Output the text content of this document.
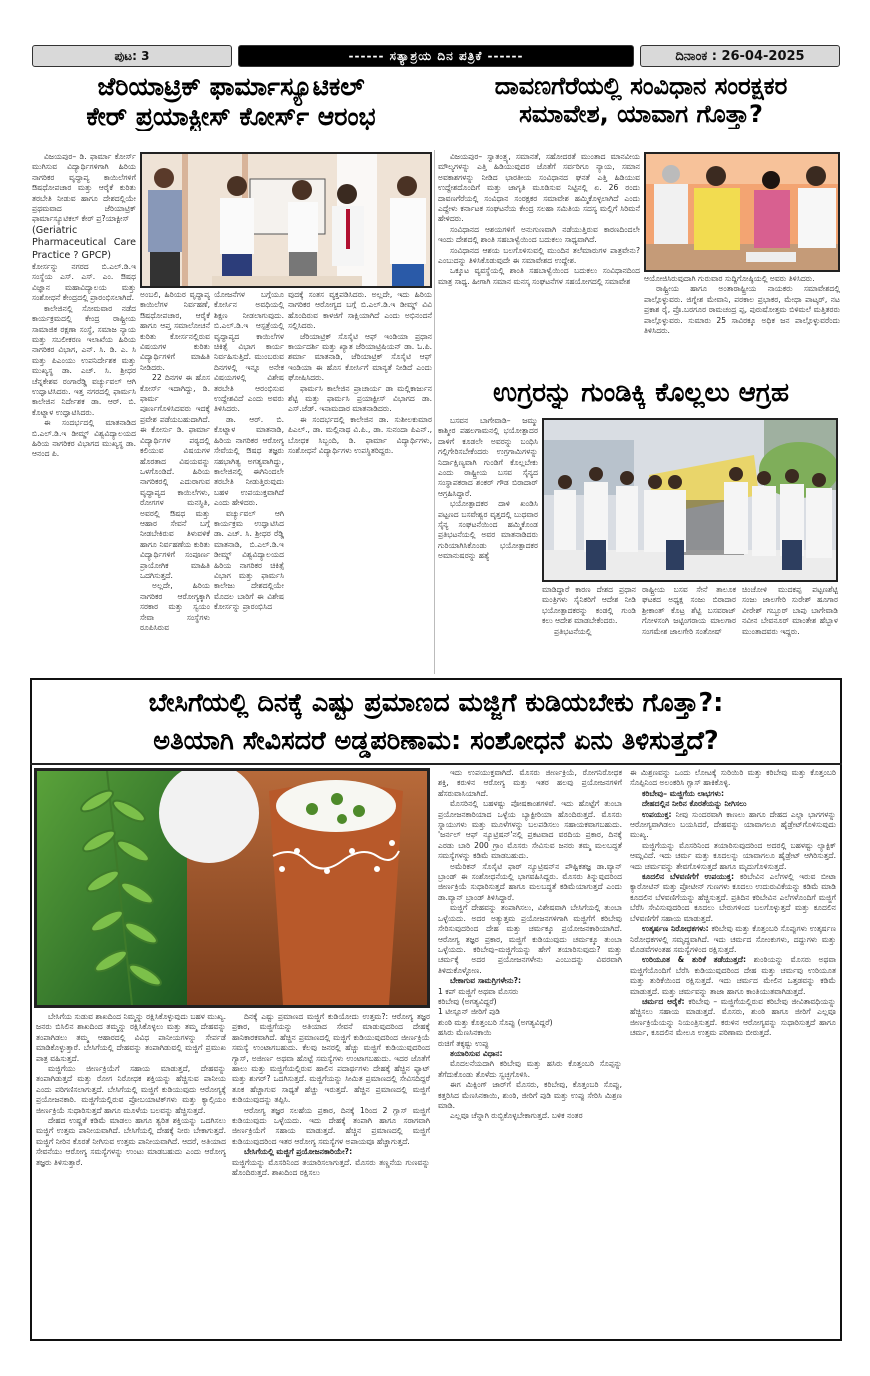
ಪುಟ: 3	------ ಸತ್ಯಾಶ್ರಯ ದಿನ ಪತ್ರಿಕೆ ------	ದಿನಾಂಕ : 26-04-2025
ಜೆರಿಯಾಟ್ರಿಕ್ ಫಾರ್ಮಾಸ್ಯೂಟಿಕಲ್
ಕೇರ್ ಪ್ರಯಾಕ್ಟೀಸ್ ಕೋರ್ಸ್ ಆರಂಭ
ದಾವಣಗೆರೆಯಲ್ಲಿ ಸಂವಿಧಾನ ಸಂರಕ್ಷಕರ
ಸಮಾವೇಶ, ಯಾವಾಗ ಗೊತ್ತಾ?

ವಿಜಯಪುರ– ಡಿ. ಫಾರ್ಮಾ ಕೋರ್ಸ್ ಮುಗಿಸುವ ವಿದ್ಯಾರ್ಥಿಗಳಿಗಾಗಿ ಹಿರಿಯ ನಾಗರಿಕರ ವೃದ್ಧಾಪ್ಯ ಕಾಯಿಲೆಗಳಿಗೆ ಔಷಧೋಪಚಾರ ಮತ್ತು ಆರೈಕೆ ಕುರಿತು ತರಬೇತಿ ನೀಡುವ ಹಾಗೂ ದೇಶದಲ್ಲಿಯೇ ಪ್ರಥಮವಾದ ಜೆರಿಯಾಟ್ರಿಕ್ ಫಾರ್ಮಾಸ್ಯೂಟಿಕಲ್ ಕೇರ್ ಪ್ರ?ಯಾಕ್ಟೀಸ್

(Geriatric Pharmaceutical Care Practice ? GPCP)

ಕೋರ್ಸನ್ನು ನಗರದ ಬಿ.ಎಲ್.ಡಿ.ಇ ಸಂಸ್ಥೆಯ ಎಸ್. ಎಸ್. ಎಂ. ಔಷಧ ವಿಜ್ಞಾನ ಮಹಾವಿದ್ಯಾಲಯ ಮತ್ತು ಸಂಶೋಧನೆ ಕೇಂದ್ರದಲ್ಲಿ ಪ್ರಾರಂಭಿಸಲಾಗಿದೆ.

ಕಾಲೇಜಿನಲ್ಲಿ ಸೋಮವಾರ ನಡೆದ ಕಾರ್ಯಕ್ರಮದಲ್ಲಿ ಕೇಂದ್ರ ರಾಷ್ಟ್ರೀಯ ಸಾಮಾಜಿಕ ರಕ್ಷಣಾ ಸಂಸ್ಥೆ, ಸಮಾಜ ನ್ಯಾಯ ಮತ್ತು ಸಬಲೀಕರಣ ಇಲಾಖೆಯ ಹಿರಿಯ ನಾಗರಿಕರ ವಿಭಾಗ, ಎನ್. ಸಿ. ಡಿ. ಎ. ಸಿ ಮತ್ತು ಪಿಎಂಯು ಉಪನಿರ್ದೇಶಕ ಮತ್ತು ಮುಖ್ಯಸ್ಥ ಡಾ. ಎಚ್. ಸಿ. ಶ್ರೀಧರ ಚೆನ್ನಕೇಶವ ರಂಗಾರೆಡ್ಡಿ ವರ್ಚ್ಯುವಲ್ ಆಗಿ ಉದ್ಘಾಟಿಸಿದರು. ಇತ್ತ ನಗರದಲ್ಲಿ ಫಾರ್ಮಸಿ ಕಾಲೇಜಿನ ನಿರ್ದೇಶಕ ಡಾ. ಆರ್. ಬಿ. ಕೊಟ್ನಾಳ ಉದ್ಘಾಟಿಸಿದರು.

ಈ ಸಂದರ್ಭದಲ್ಲಿ ಮಾತನಾಡಿದ ಬಿ.ಎಲ್.ಡಿ.ಇ ಡೀಮ್ಡ್ ವಿಶ್ವವಿದ್ಯಾಲಯದ ಹಿರಿಯ ನಾಗರಿಕರ ವಿಭಾಗದ ಮುಖ್ಯಸ್ಥ ಡಾ. ಆನಂದ ಪಿ.

ಅಂಬಲಿ, ಹಿರಿಯರ ವೃದ್ಧಾಪ್ಯ ಕಾಯಿಲೆಗಳ ನಿರ್ವಹಣೆ, ಔಷಧೋಪಚಾರ, ಆರೈಕೆ ಹಾಗೂ ಆಪ್ತ ಸಮಾಲೋಚನೆ ಕುರಿತು ಕೋರ್ಸನಲ್ಲಿರುವ ವಿಷಯಗಳ ಕುರಿತು ವಿದ್ಯಾರ್ಥಿಗಳಿಗೆ ಮಾಹಿತಿ ನೀಡಿದರು.

22 ದಿನಗಳ ಈ ಹೊಸ ಕೋರ್ಸ್ ಇದಾಗಿದ್ದು, ಡಿ. ಫಾರ್ಮ ಪೂರ್ಣಗೊಳಿಸಿದವರು ಇದಕ್ಕೆ ಪ್ರವೇಶ ಪಡೆಯಬಹುದಾಗಿದೆ. ಈ ಕೋರ್ಸು ಡಿ. ಫಾರ್ಮಾ ವಿದ್ಯಾರ್ಥಿಗಳ ಪಠ್ಯದಲ್ಲಿ ಕಲಿಯುವ ವಿಷಯಗಳ ಹೊರತಾದ ವಿಷಯವನ್ನು ಒಳಗೊಂಡಿದೆ. ಹಿರಿಯ ನಾಗರಿಕರಲ್ಲಿ ಎದುರಾಗುವ ವೃದ್ಧಾಪ್ಯದ ಕಾಯಿಲೆಗಳು, ರೋಗಗಳ ಮನಸ್ಥಿತಿ, ಅವರಲ್ಲಿ ಔಷಧ ಮತ್ತು ಆಹಾರ ಸೇವನೆ ಬಗ್ಗೆ ನೀಡಬೇಕಿರುವ ತಿಳುವಳಿಕೆ ಹಾಗೂ ನಿರ್ವಹಣೆಯ ಕುರಿತು ವಿದ್ಯಾರ್ಥಿಗಳಿಗೆ ಸಂಪೂರ್ಣ ಪ್ರಾಯೋಗಿಕ ಮಾಹಿತಿ ಒದಗಿಸುತ್ತದೆ.

ಅಲ್ಲದೇ, ಹಿರಿಯ ನಾಗರಿಕರ ಆರೋಗ್ಯಕ್ಕಾಗಿ ಸರಕಾರ ಮತ್ತು ಸ್ವಯಂ ಸೇವಾ ಸಂಸ್ಥೆಗಳು ರೂಪಿಸಿರುವ

ಯೋಜನೆಗಳ ಬಗ್ಗೆಯೂ ಕೋರ್ಸಿನ ಅವಧಿಯಲ್ಲಿ ಶಿಕ್ಷಣ ನೀಡಲಾಗುವುದು. ಬಿ.ಎಲ್.ಡಿ.ಇ ಆಸ್ಪತ್ರೆಯಲ್ಲಿ ವೃದ್ಧಾಪ್ಯದ ಕಾಯಿಲೆಗಳ ಚಿಕಿತ್ಸೆ ವಿಭಾಗ ಕಾರ್ಯ ನಿರ್ವಹಿಸುತ್ತಿದೆ. ಮುಂಬರುವ ದಿನಗಳಲ್ಲಿ ಇನ್ನೂ ಅನೇಕ ವಿಷಯಗಳಲ್ಲಿ ವಿಶೇಷ ತರಬೇತಿ ಆರಂಭಿಸುವ ಉದ್ದೇಶವಿದೆ ಎಂದು ಅವರು ತಿಳಿಸಿದರು.

ಡಾ. ಆರ್. ಬಿ. ಕೊಟ್ನಾಳ ಮಾತನಾಡಿ, ಹಿರಿಯ ನಾಗರಿಕರ ಆರೋಗ್ಯ ಸೇವೆಯಲ್ಲಿ ಔಷಧ ತಜ್ಞರು ಸಹಭಾಗಿತ್ವ ಅಗತ್ಯವಾಗಿದ್ದು, ಕಾಲೇಜಿನಲ್ಲಿ ಈಗಿನಿಂದಲೇ ತರಬೇತಿ ನೀಡುತ್ತಿರುವುದು ಬಹಳ ಉಪಯುಕ್ತವಾಗಿದೆ ಎಂದು ಹೇಳಿದರು.

ವರ್ಚ್ಯುವಲ್ ಆಗಿ ಕಾರ್ಯಕ್ರಮ ಉದ್ಘಾಟಿಸಿದ ಡಾ. ಎಚ್. ಸಿ. ಶ್ರೀಧರ ರೆಡ್ಡಿ ಮಾತನಾಡಿ, ಬಿ.ಎಲ್.ಡಿ.ಇ ಡೀಮ್ಡ್ ವಿಶ್ವವಿದ್ಯಾಲಯದ ಹಿರಿಯ ನಾಗರಿಕರ ಚಿಕಿತ್ಸೆ ವಿಭಾಗ ಮತ್ತು ಫಾರ್ಮಸಿ ಕಾಲೇಜು ದೇಶದಲ್ಲಿಯೇ ಮೊದಲ ಬಾರಿಗೆ ಈ ವಿಶೇಷ ಕೋರ್ಸನ್ನು ಪ್ರಾರಂಭಿಸಿದ

ವುದಕ್ಕೆ ಸಂತಸ ವ್ಯಕ್ತಪಡಿಸಿದರು. ಅಲ್ಲದೇ, ಇದು ಹಿರಿಯ ನಾಗರಿಕರ ಆರೋಗ್ಯದ ಬಗ್ಗೆ ಬಿ.ಎಲ್.ಡಿ.ಇ ಡೀಮ್ಡ್ ವಿವಿ ಹೊಂದಿರುವ ಕಾಳಜಿಗೆ ಸಾಕ್ಷಿಯಾಗಿದೆ ಎಂದು ಅಭಿನಂದನೆ ಸಲ್ಲಿಸಿದರು.

ಜೆರಿಯಾಟ್ರಿಕ್ ಸೊಸೈಟಿ ಆಫ್ ಇಂಡಿಯಾ ಪ್ರಧಾನ ಕಾರ್ಯದರ್ಶಿ ಮತ್ತು ಖ್ಯಾತ ಜೆರಿಯಾಟ್ರಿಷಿಯನ್ ಡಾ. ಓ.ಪಿ. ಶರ್ಮಾ ಮಾತನಾಡಿ, ಜೆರಿಯಾಟ್ರಿಕ್ ಸೊಸೈಟಿ ಆಫ್ ಇಂಡಿಯಾ ಈ ಹೊಸ ಕೋರ್ಸಿಗೆ ಮಾನ್ಯತೆ ನೀಡಿದೆ ಎಂದು ಘೋಷಿಸಿದರು.

ಫಾರ್ಮಸಿ ಕಾಲೇಜಿನ ಪ್ರಾಚಾರ್ಯ ಡಾ ಮಲ್ಲಿಕಾರ್ಜುನ ಶೆಟ್ಟಿ ಮತ್ತು ಫಾರ್ಮಸಿ ಪ್ರಯಾಕ್ಟೀಸ್ ವಿಭಾಗದ ಡಾ. ಎಸ್.ಜೆಡ್. ಇನಾಮದಾರ ಮಾತನಾಡಿದರು.

ಈ ಸಂದರ್ಭದಲ್ಲಿ ಕಾಲೇಜಿನ ಡಾ. ಸುಶೀಲಕುಮಾರ ಪಿಎಲ್., ಡಾ. ಮಲ್ಲಿನಾಥ ವಿ.ಪಿ., ಡಾ. ಸುನಂದಾ ಪಿಎನ್., ಬೋಧಕ ಸಿಬ್ಬಂದಿ, ಡಿ. ಫಾರ್ಮಾ ವಿದ್ಯಾರ್ಥಿಗಳು, ಸಂಶೋಧನೆ ವಿದ್ಯಾರ್ಥಿಗಳು ಉಪಸ್ಥಿತರಿದ್ದರು.

ವಿಜಯಪುರ– ಸ್ವಾತಂತ್ರ್ಯ, ಸಮಾನತೆ, ಸಹೋದರತೆ ಮುಂತಾದ ಮಾನವೀಯ ಮೌಲ್ಯಗಳನ್ನು ಎತ್ತಿ ಹಿಡಿಯುವುದರ ಜೊತೆಗೆ ಸರ್ವರಿಗೂ ನ್ಯಾಯ, ಸಮಾನ ಅವಕಾಶಗಳನ್ನು ನೀಡಿದ ಭಾರತೀಯ ಸಂವಿಧಾನದ ಘನತೆ ಎತ್ತಿ ಹಿಡಿಯುವ ಉದ್ದೇಶದೊಂದಿಗೆ ಮತ್ತು ಜಾಗೃತಿ ಮೂಡಿಸುವ ನಿಟ್ಟಿನಲ್ಲಿ ಏ. 26 ರಂದು ದಾವಣಗೆರೆಯಲ್ಲಿ ಸಂವಿಧಾನ ಸಂರಕ್ಷಕರ ಸಮಾವೇಶ ಹಮ್ಮಿಕೊಳ್ಳಲಾಗಿದೆ ಎಂದು ಎದ್ದೇಳು ಕರ್ನಾಟಕ ಸಂಘಟನೆಯ ಕೇಂದ್ರ ಸಲಹಾ ಸಮಿತಿಯ ಸದಸ್ಯ ಮಲ್ಲಿಗೆ ಸಿರಿಮನೆ ಹೇಳಿದರು.

ಸಂವಿಧಾನದ ಆಶಯಗಳಿಗೆ ಅನುಗುಣವಾಗಿ ನಡೆಯುತ್ತಿರುವ ಕಾರಣದಿಂದಲೇ ಇಂದು ದೇಶದಲ್ಲಿ ಶಾಂತಿ ಸಹಬಾಳ್ವೆಯಿಂದ ಬದುಕಲು ಸಾಧ್ಯವಾಗಿದೆ.

ಸಂವಿಧಾನದ ಆಶಯ ಬಲಗೊಳಿಸುವಲ್ಲಿ ಮುಂದಿನ ತಲೆಮಾರುಗಳ ಪಾತ್ರವೇನು? ಎಂಬುದನ್ನು ತಿಳಿಸಿಕೊಡುವುದೇ ಈ ಸಮಾವೇಶದ ಉದ್ದೇಶ.

ಒಕ್ಕೂಟ ವ್ಯವಸ್ಥೆಯಲ್ಲಿ ಶಾಂತಿ ಸಹಬಾಳ್ವೆಯಿಂದ ಬದುಕಲು ಸಂವಿಧಾನದಿಂದ ಮಾತ್ರ ಸಾಧ್ಯ. ಹೀಗಾಗಿ ಸಮಾನ ಮನಸ್ಕ ಸಂಘಟನೆಗಳ ಸಹಯೋಗದಲ್ಲಿ ಸಮಾವೇಶ	ಆಯೋಜಿಸಿರುವುದಾಗಿ ಗುರುವಾರ ಸುದ್ದಿಗೋಷ್ಠಿಯಲ್ಲಿ ಅವರು ತಿಳಿಸಿದರು.

ರಾಷ್ಟ್ರೀಯ ಹಾಗೂ ಅಂತಾರಾಷ್ಟ್ರೀಯ ನಾಯಕರು ಸಮಾವೇಶದಲ್ಲಿ ಪಾಲ್ಗೊಳ್ಳುವರು. ಜಿಗ್ನೇಶ ಮೇವಾನಿ, ಪರಕಾಲ ಪ್ರಭಾಕರ, ಮೇಧಾ ಪಾಟ್ಕರ್, ನಟ ಪ್ರಕಾಶ ರೈ, ಪ್ರೊ.ಬರಗೂರ ರಾಮಚಂದ್ರ ಪ್ಪ, ಪುರುಷೋತ್ತಮ ಬಿಳಿಮಲೆ ಮತ್ತಿತರರು ಪಾಲ್ಗೊಳ್ಳುವರು. ಸುಮಾರು 25 ಸಾವಿರಕ್ಕೂ ಅಧಿಕ ಜನ ಪಾಲ್ಗೊಳ್ಳುವರೆಂದು ತಿಳಿಸಿದರು.

ಉಗ್ರರನ್ನು ಗುಂಡಿಕ್ಕಿ ಕೊಲ್ಲಲು ಆಗ್ರಹ

ಬಸವನ ಬಾಗೇವಾಡಿ– ಜಮ್ಮು ಕಾಶ್ಮೀರ ಪಹಲಗಾಮನಲ್ಲಿ ಭಯೋತ್ಪಾದರ ದಾಳಿಗೆ ಕೂಡಲೇ ಅವರನ್ನು ಬಂಧಿಸಿ ಗಲ್ಲಿಗೇರಿಸಬೇಕೆಂದರು ಉಗ್ರಗಾಮಿಗಳನ್ನು ನಿರ್ದಾಕ್ಷಿಣ್ಯವಾಗಿ ಗುಂಡಿಗೆ ಕೊಲ್ಲಬೇಕು ಎಂದು ರಾಷ್ಟ್ರೀಯ ಬಸವ ಸೈನ್ಯದ ಸಂಸ್ಥಾಪಕರಾದ ಶಂಕರ್ ಗೌಡ ಬಿರಾದಾರ್ ಆಗ್ರಹಿಸಿದ್ದಾರೆ.

ಭಯೋತ್ಪಾದಕರ ದಾಳಿ ಖಂಡಿಸಿ ಪಟ್ಟಣದ ಬಸವೇಶ್ವರ ವೃತ್ತದಲ್ಲಿ ಬುಧವಾರ ಸೈನ್ಯ ಸಂಘಟನೆಯಿಂದ ಹಮ್ಮಿಕೊಂಡ ಪ್ರತಿಭಟನೆಯಲ್ಲಿ ಅವರ ಮಾತನಾಡಿದರು ಗುರಿಯಾಗಿಸಿಕೊಂಡು ಭಯೋತ್ಪಾದಕರ ಅಮಾನುಷರನ್ನು ಹತ್ಯೆ

ಮಾಡಿದ್ದಾರೆ ಕಾರಣ ದೇಶದ ಪ್ರಧಾನ ಮಂತ್ರಿಗಳು ಸೈನಿಕರಿಗೆ ಆದೇಶ ನೀಡಿ ಭಯೋತ್ಪಾದಕರನ್ನು ಕಂಡಲ್ಲಿ ಗುಂಡಿ ಕಲು ಆದೇಶ ಮಾಡಬೇಕೆಂದರು.

ಪ್ರತಿಭಟನೆಯಲ್ಲಿ

ರಾಷ್ಟ್ರೀಯ ಬಸವ ಸೇನೆ ತಾಲೂಕ ಘಟಕದ ಅಧ್ಯಕ್ಷ ಸಂಜು ಬಿರಾದಾರ ಶ್ರೀಕಾಂತ್ ಕೊಟ್ರ ಶೆಟ್ಟಿ ಬಸವರಾಜ್ ಗೋಳಸಂಗಿ ಜಟ್ಟಿಂಗರಾಯ ಮಾಲಗಾರ ಸಂಗಮೇಶ ಜಾಲಗೇರಿ ಸಂತೋಷ್

ಚಿಂಚೋಳಿ ಮುದಕಪ್ಪ ಪಟ್ಟಣಶೆಟ್ಟಿ ಸಂಜು ಜಾಲಗೇರಿ ಸುರೇಶ್ ಹೂಗಾರ ವೀರೇಶ್ ಗಬ್ಬೂರ್ ಬಾಪು ಬಾಗೇವಾಡಿ ನವೀನ ಬೇವನೂರ್ ಮಾಂತೇಶ ಹೆಬ್ಬಾಳ ಮುಂತಾದವರು ಇದ್ದರು.

ಬೇಸಿಗೆಯಲ್ಲಿ ದಿನಕ್ಕೆ ಎಷ್ಟು ಪ್ರಮಾಣದ ಮಜ್ಜಿಗೆ ಕುಡಿಯಬೇಕು ಗೊತ್ತಾ?:
ಅತಿಯಾಗಿ ಸೇವಿಸದರೆ ಅಡ್ಡಪರಿಣಾಮ: ಸಂಶೋಧನೆ ಏನು ತಿಳಿಸುತ್ತದೆ?

ಬೇಸಿಗೆಯ ಸುಡುವ ಶಾಖದಿಂದ ನಿಮ್ಮನ್ನು ರಕ್ಷಿಸಿಕೊಳ್ಳುವುದು ಬಹಳ ಮುಖ್ಯ. ಜನರು ಬಿಸಿಲಿನ ಶಾಖದಿಂದ ತಮ್ಮನ್ನು ರಕ್ಷಿಸಿಕೊಳ್ಳಲು ಮತ್ತು ತಮ್ಮ ದೇಹವನ್ನು ತಂಪಾಗಿಡಲು ತಮ್ಮ ಆಹಾರದಲ್ಲಿ ವಿವಿಧ ಪಾನೀಯಗಳನ್ನು ಸೇರ್ಪಡೆ ಮಾಡಿಕೊಳ್ಳುತ್ತಾರೆ. ಬೇಸಿಗೆಯಲ್ಲಿ ದೇಹವನ್ನು ತಂಪಾಗಿಡುವಲ್ಲಿ ಮಜ್ಜಿಗೆ ಪ್ರಮುಖ ಪಾತ್ರ ವಹಿಸುತ್ತದೆ.

ಮಜ್ಜಿಗೆಯು ಜೀರ್ಣಕ್ರಿಯೆಗೆ ಸಹಾಯ ಮಾಡುತ್ತದೆ, ದೇಹವನ್ನು ತಂಪಾಗಿಡುತ್ತದೆ ಮತ್ತು ರೋಗ ನಿರೋಧಕ ಶಕ್ತಿಯನ್ನು ಹೆಚ್ಚಿಸುವ ಪಾನೀಯ ಎಂದು ಪರಿಗಣಿಸಲಾಗುತ್ತದೆ. ಬೇಸಿಗೆಯಲ್ಲಿ ಮಜ್ಜಿಗೆ ಕುಡಿಯುವುದು ಆರೋಗ್ಯಕ್ಕೆ ಪ್ರಯೋಜನಕಾರಿ. ಮಜ್ಜಿಗೆಯಲ್ಲಿರುವ ಪ್ರೋಬಯಾಟಿಕ್‌ಗಳು ಮತ್ತು ಕ್ಯಾಲ್ಸಿಯಂ ಜೀರ್ಣಕ್ರಿಯೆ ಸುಧಾರಿಸುತ್ತದೆ ಹಾಗೂ ಮೂಳೆಯ ಬಲವನ್ನು ಹೆಚ್ಚಿಸುತ್ತದೆ.

ದೇಹದ ಉಷ್ಣತೆ ಕಡಿಮೆ ಮಾಡಲು ಹಾಗೂ ತ್ವರಿತ ಶಕ್ತಿಯನ್ನು ಒದಗಿಸಲು ಮಜ್ಜಿಗೆ ಉತ್ತಮ ಪಾನೀಯವಾಗಿದೆ. ಬೇಸಿಗೆಯಲ್ಲಿ ದೇಹಕ್ಕೆ ನೀರು ಬೇಕಾಗುತ್ತದೆ. ಮಜ್ಜಿಗೆ ನೀರಿನ ಕೊರತೆ ನೀಗಿಸುವ ಉತ್ತಮ ಪಾನೀಯವಾಗಿದೆ. ಆದರೆ, ಅತಿಯಾದ ಸೇವನೆಯು ಆರೋಗ್ಯ ಸಮಸ್ಯೆಗಳನ್ನು ಉಂಟು ಮಾಡಬಹುದು ಎಂದು ಆರೋಗ್ಯ ತಜ್ಞರು ತಿಳಿಸುತ್ತಾರೆ.

ದಿನಕ್ಕೆ ಎಷ್ಟು ಪ್ರಮಾಣದ ಮಜ್ಜಿಗೆ ಕುಡಿಯೋದು ಉತ್ತಮ?: ಆರೋಗ್ಯ ತಜ್ಞರ ಪ್ರಕಾರ, ಮಜ್ಜಿಗೆಯನ್ನು ಅತಿಯಾದ ಸೇವನೆ ಮಾಡುವುದರಿಂದ ದೇಹಕ್ಕೆ ಹಾನಿಕಾರಕವಾಗಿದೆ. ಹೆಚ್ಚಿನ ಪ್ರಮಾಣದಲ್ಲಿ ಮಜ್ಜಿಗೆ ಕುಡಿಯುವುದರಿಂದ ಜೀರ್ಣಕ್ರಿಯೆ ಸಮಸ್ಯೆ ಉಂಟಾಗಬಹುದು. ಕೆಲವು ಜನರಲ್ಲಿ ಹೆಚ್ಚು ಮಜ್ಜಿಗೆ ಕುಡಿಯುವುದರಿಂದ ಗ್ಯಾಸ್, ಅಜೀರ್ಣ ಅಥವಾ ಹೊಟ್ಟೆ ಸಮಸ್ಯೆಗಳು ಉಂಟಾಗಬಹುದು. ಇದರ ಜೊತೆಗೆ ಹಾಲು ಮತ್ತು ಮಜ್ಜಿಗೆಯಲ್ಲಿರುವ ಹಾಲಿನ ಪದಾರ್ಥಗಳು ದೇಹಕ್ಕೆ ಹೆಚ್ಚಿನ ಫ್ಯಾಟ್ ಮತ್ತು ಶುಗರ್? ಒದಗಿಸುತ್ತದೆ. ಮಜ್ಜಿಗೆಯನ್ನು ಸೀಮಿತ ಪ್ರಮಾಣದಲ್ಲಿ ಸೇವಿಸದಿದ್ದರೆ ತೂಕ ಹೆಚ್ಚಾಗುವ ಸಾಧ್ಯತೆ ಹೆಚ್ಚು ಇರುತ್ತದೆ. ಹೆಚ್ಚಿನ ಪ್ರಮಾಣದಲ್ಲಿ ಮಜ್ಜಿಗೆ ಕುಡಿಯುವುದನ್ನು ತಪ್ಪಿಸಿ.

ಆರೋಗ್ಯ ತಜ್ಞರ ಸಲಹೆಯ ಪ್ರಕಾರ, ದಿನಕ್ಕೆ 1ರಿಂದ 2 ಗ್ಲಾಸ್ ಮಜ್ಜಿಗೆ ಕುಡಿಯುವುದು ಒಳ್ಳೆಯದು. ಇದು ದೇಹಕ್ಕೆ ತಂಪಾಗಿ ಹಾಗೂ ಸರಾಗವಾಗಿ ಜೀರ್ಣಕ್ರಿಯೆಗೆ ಸಹಾಯ ಮಾಡುತ್ತದೆ. ಹೆಚ್ಚಿನ ಪ್ರಮಾಣದಲ್ಲಿ ಮಜ್ಜಿಗೆ ಕುಡಿಯುವುದರಿಂದ ಇತರ ಆರೋಗ್ಯ ಸಮಸ್ಯೆಗಳ ಅಪಾಯವೂ ಹೆಚ್ಚಾಗುತ್ತದೆ.

ಬೇಸಿಗೆಯಲ್ಲಿ ಮಜ್ಜಿಗೆ ಪ್ರಯೋಜನಕಾರಿಯೇ?:

ಮಜ್ಜಿಗೆಯನ್ನು ಮೊಸರಿನಿಂದ ತಯಾರಿಸಲಾಗುತ್ತದೆ. ಮೊಸರು ತಣ್ಣನೆಯ ಗುಣವನ್ನು ಹೊಂದಿರುತ್ತದೆ. ಶಾಖದಿಂದ ರಕ್ಷಿಸಲು

ಇದು ಉಪಯುಕ್ತವಾಗಿದೆ. ಮೊಸರು ಜೀರ್ಣಕ್ರಿಯೆ, ರೋಗನಿರೋಧಕ ಶಕ್ತಿ, ಕರುಳಿನ ಆರೋಗ್ಯ ಮತ್ತು ಇತರ ಹಲವು ಪ್ರಯೋಜನಗಳಿಗೆ ಹೆಸರುವಾಸಿಯಾಗಿದೆ.

ಮೊಸರಿನಲ್ಲಿ ಬಹಳಷ್ಟು ಪೋಷಕಾಂಶಗಳಿವೆ. ಇದು ಹೊಟ್ಟೆಗೆ ತುಂಬಾ ಪ್ರಯೋಜನಕಾರಿಯಾದ ಒಳ್ಳೆಯ ಬ್ಯಾಕ್ಟೀರಿಯಾ ಹೊಂದಿರುತ್ತದೆ. ಮೊಸರು ಸ್ನಾಯುಗಳು ಮತ್ತು ಮೂಳೆಗಳನ್ನು ಬಲಪಡಿಸಲು ಸಹಾಯಕವಾಗಬಹುದು. 'ಜರ್ನಲ್ ಆಫ್ ನ್ಯೂಟ್ರಿಷನ್'ನಲ್ಲಿ ಪ್ರಕಟವಾದ ವರದಿಯ ಪ್ರಕಾರ, ದಿನಕ್ಕೆ ಎರಡು ಬಾರಿ 200 ಗ್ರಾಂ ಮೊಸರು ಸೇವಿಸುವ ಜನರು ತಮ್ಮ ಮಲಬದ್ಧತೆ ಸಮಸ್ಯೆಗಳನ್ನು ಕಡಿಮೆ ಮಾಡಬಹುದು.

ಅಮೆರಿಕನ್ ಸೊಸೈಟಿ ಫಾರ್ ನ್ಯೂಟ್ರಿಷನ್‌ನ ಪೌಷ್ಟಿಕತಜ್ಞ ಡಾ.ವ್ಯಾನ್ ಬ್ರಾಂಡ್ ಈ ಸಂಶೋಧನೆಯಲ್ಲಿ ಭಾಗವಹಿಸಿದ್ದರು. ಮೊಸರು ತಿನ್ನುವುದರಿಂದ ಜೀರ್ಣಕ್ರಿಯೆ ಸುಧಾರಿಸುತ್ತದೆ ಹಾಗೂ ಮಲಬದ್ಧತೆ ಕಡಿಮೆಯಾಗುತ್ತದೆ ಎಂದು ಡಾ.ವ್ಯಾನ್ ಬ್ರಾಂಡ್ ತಿಳಿಸಿದ್ದಾರೆ.

ಮಜ್ಜಿಗೆ ದೇಹವನ್ನು ತಂಪಾಗಿಸಲು, ವಿಶೇಷವಾಗಿ ಬೇಸಿಗೆಯಲ್ಲಿ ತುಂಬಾ ಒಳ್ಳೆಯದು. ಅದರ ಅತ್ಯುತ್ತಮ ಪ್ರಯೋಜನಗಳಿಗಾಗಿ ಮಜ್ಜಿಗೆಗೆ ಕರಿಬೇವು ಸೇರಿಸುವುದರಿಂದ ದೇಹ ಮತ್ತು ಚರ್ಮಕ್ಕೂ ಪ್ರಯೋಜನಕಾರಿಯಾಗಿದೆ. ಆರೋಗ್ಯ ತಜ್ಞರ ಪ್ರಕಾರ, ಮಜ್ಜಿಗೆ ಕುಡಿಯುವುದು ಚರ್ಮಕ್ಕೂ ತುಂಬಾ ಒಳ್ಳೆಯದು. ಕರಿಬೇವು–ಮಜ್ಜಿಗೆಯನ್ನು ಹೇಗೆ ತಯಾರಿಸುವುದು? ಮತ್ತು ಚರ್ಮಕ್ಕೆ ಅದರ ಪ್ರಯೋಜನಗಳೇನು ಎಂಬುದನ್ನು ವಿವರವಾಗಿ ತಿಳಿದುಕೊಳ್ಳೋಣ.

ಬೇಕಾಗುವ ಸಾಮಗ್ರಿಗಳೇನು?:

1 ಕಪ್ ಮಜ್ಜಿಗೆ ಅಥವಾ ಮೊಸರು

ಕರಿಬೇವು (ಅಗತ್ಯವಿದ್ದರೆ)

1 ಟೀಸ್ಪೂನ್ ಜೀರಿಗೆ ಪುಡಿ

ಶುಂಠಿ ಮತ್ತು ಕೊತ್ತಂಬರಿ ಸೊಪ್ಪು (ಅಗತ್ಯವಿದ್ದರೆ)

ಹಸಿರು ಮೆಣಸಿನಕಾಯಿ

ರುಚಿಗೆ ತಕ್ಕಷ್ಟು ಉಪ್ಪು

ತಯಾರಿಸುವ ವಿಧಾನ:

ಮೊದಲನೆಯದಾಗಿ ಕರಿಬೇವು ಮತ್ತು ಹಸಿರು ಕೊತ್ತಂಬರಿ ಸೊಪ್ಪನ್ನು ತೆಗೆದುಕೊಂಡು ತೊಳೆದು ಸ್ವಚ್ಛಗೊಳಿಸಿ.

ಈಗ ಮಿಕ್ಸಿಂಗ್ ಜಾರ್‌ಗೆ ಮೊಸರು, ಕರಿಬೇವು, ಕೊತ್ತಂಬರಿ ಸೊಪ್ಪು, ಕತ್ತರಿಸಿದ ಮೆಣಸಿನಕಾಯಿ, ಶುಂಠಿ, ಜೀರಿಗೆ ಪುಡಿ ಮತ್ತು ಉಪ್ಪು ಸೇರಿಸಿ ಮಿಶ್ರಣ ಮಾಡಿ.

ಎಲ್ಲವೂ ಚೆನ್ನಾಗಿ ರುಬ್ಬಿಕೊಳ್ಳಬೇಕಾಗುತ್ತದೆ. ಬಳಿಕ ನಂತರ

ಈ ಮಿಶ್ರಣವನ್ನು ಒಂದು ಲೋಟಕ್ಕೆ ಸುರಿಯಿರಿ ಮತ್ತು ಕರಿಬೇವು ಮತ್ತು ಕೊತ್ತಂಬರಿ ಸೊಪ್ಪಿನಿಂದ ಅಲಂಕರಿಸಿ ಗ್ಲಾಸ್ ಹಾಕಿಕೊಳ್ಳಿ.

ಕರಿಬೇವು– ಮಜ್ಜಿಗೆಯ ಲಾಭಗಳು:

ದೇಹದಲ್ಲಿನ ನೀರಿನ ಕೊರತೆಯನ್ನು ನೀಗಿಸಲು

ಉಪಯುಕ್ತ: ನೀವು ಸುಂದರವಾಗಿ ಕಾಣಲು ಹಾಗೂ ದೇಹದ ಎಲ್ಲಾ ಭಾಗಗಳನ್ನು ಆರೋಗ್ಯವಾಗಿಡಲು ಬಯಸಿದರೆ, ದೇಹವನ್ನು ಯಾವಾಗಲೂ ಹೈಡ್ರೇಟ್‌ಗೊಳಿಸುವುದು ಮುಖ್ಯ.

ಮಜ್ಜಿಗೆಯನ್ನು ಮೊಸರಿನಿಂದ ತಯಾರಿಸುವುದರಿಂದ ಅದರಲ್ಲಿ ಬಹಳಷ್ಟು ಲ್ಯಾಕ್ಟಿಕ್ ಆಮ್ಲವಿದೆ. ಇದು ಚರ್ಮ ಮತ್ತು ಕೂದಲನ್ನು ಯಾವಾಗಲೂ ಹೈಡ್ರೇಟ್ ಆಗಿರಿಸುತ್ತದೆ. ಇದು ಚರ್ಮವನ್ನು ತೇವಗೊಳಿಸುತ್ತದೆ ಹಾಗೂ ಮೃದುಗೊಳಿಸುತ್ತದೆ.

ಕೂದಲಿನ ಬೆಳವಣಿಗೆಗೆ ಉಪಯುಕ್ತ: ಕರಿಬೇವಿನ ಎಲೆಗಳಲ್ಲಿ ಇರುವ ಬೀಟಾ ಕ್ಯಾರೋಟಿನ್ ಮತ್ತು ಪ್ರೋಟೀನ್ ಗುಣಗಳು ಕೂದಲು ಉದುರುವಿಕೆಯನ್ನು ಕಡಿಮೆ ಮಾಡಿ ಕೂದಲಿನ ಬೆಳವಣಿಗೆಯನ್ನು ಹೆಚ್ಚಿಸುತ್ತದೆ. ಪ್ರತಿದಿನ ಕರಿಬೇವಿನ ಎಲೆಗಳೊಂದಿಗೆ ಮಜ್ಜಿಗೆ ಬೆರೆಸಿ ಸೇವಿಸುವುದರಿಂದ ಕೂದಲು ಬೇರುಗಳಿಂದ ಬಲಗೊಳ್ಳುತ್ತದೆ ಮತ್ತು ಕೂದಲಿನ ಬೆಳವಣಿಗೆಗೆ ಸಹಾಯ ಮಾಡುತ್ತದೆ.

ಉತ್ಕರ್ಷಣ ನಿರೋಧಕಗಳು: ಕರಿಬೇವು ಮತ್ತು ಕೊತ್ತಂಬರಿ ಸೊಪ್ಪುಗಳು ಉತ್ಕರ್ಷಣ ನಿರೋಧಕಗಳಲ್ಲಿ ಸಮೃದ್ಧವಾಗಿದೆ. ಇದು ಚರ್ಮದ ಸೋಂಕುಗಳು, ದದ್ದುಗಳು ಮತ್ತು ಮೊಡವೆಗಳಂತಹ ಸಮಸ್ಯೆಗಳಿಂದ ರಕ್ಷಿಸುತ್ತದೆ.

ಉರಿಯೂತ & ತುರಿಕೆ ತಡೆಯುತ್ತದೆ: ಶುಂಠಿಯನ್ನು ಮೊಸರು ಅಥವಾ ಮಜ್ಜಿಗೆಯೊಂದಿಗೆ ಬೆರೆಸಿ ಕುಡಿಯುವುದರಿಂದ ದೇಹ ಮತ್ತು ಚರ್ಮವು ಉರಿಯೂತ ಮತ್ತು ತುರಿಕೆಯಿಂದ ರಕ್ಷಿಸುತ್ತದೆ. ಇದು ಚರ್ಮದ ಮೇಲಿನ ಒತ್ತಡವನ್ನು ಕಡಿಮೆ ಮಾಡುತ್ತದೆ. ಮತ್ತು ಚರ್ಮವನ್ನು ತಾಜಾ ಹಾಗೂ ಕಾಂತಿಯುತವಾಗಿಡುತ್ತದೆ.

ಚರ್ಮದ ಆರೈಕೆ: ಕರಿಬೇವು – ಮಜ್ಜಿಗೆಯಲ್ಲಿರುವ ಕರಿಬೇವು ಜೀವಿತಾವಧಿಯನ್ನು ಹೆಚ್ಚಿಸಲು ಸಹಾಯ ಮಾಡುತ್ತದೆ. ಮೊಸರು, ಶುಂಠಿ ಹಾಗೂ ಜೀರಿಗೆ ಎಲ್ಲವೂ ಜೀರ್ಣಕ್ರಿಯೆಯನ್ನು ನಿಯಂತ್ರಿಸುತ್ತದೆ. ಕರುಳಿನ ಆರೋಗ್ಯವನ್ನು ಸುಧಾರಿಸುತ್ತದೆ ಹಾಗೂ ಚರ್ಮ, ಕೂದಲಿನ ಮೇಲೂ ಉತ್ತಮ ಪರಿಣಾಮ ಬೀರುತ್ತದೆ.
